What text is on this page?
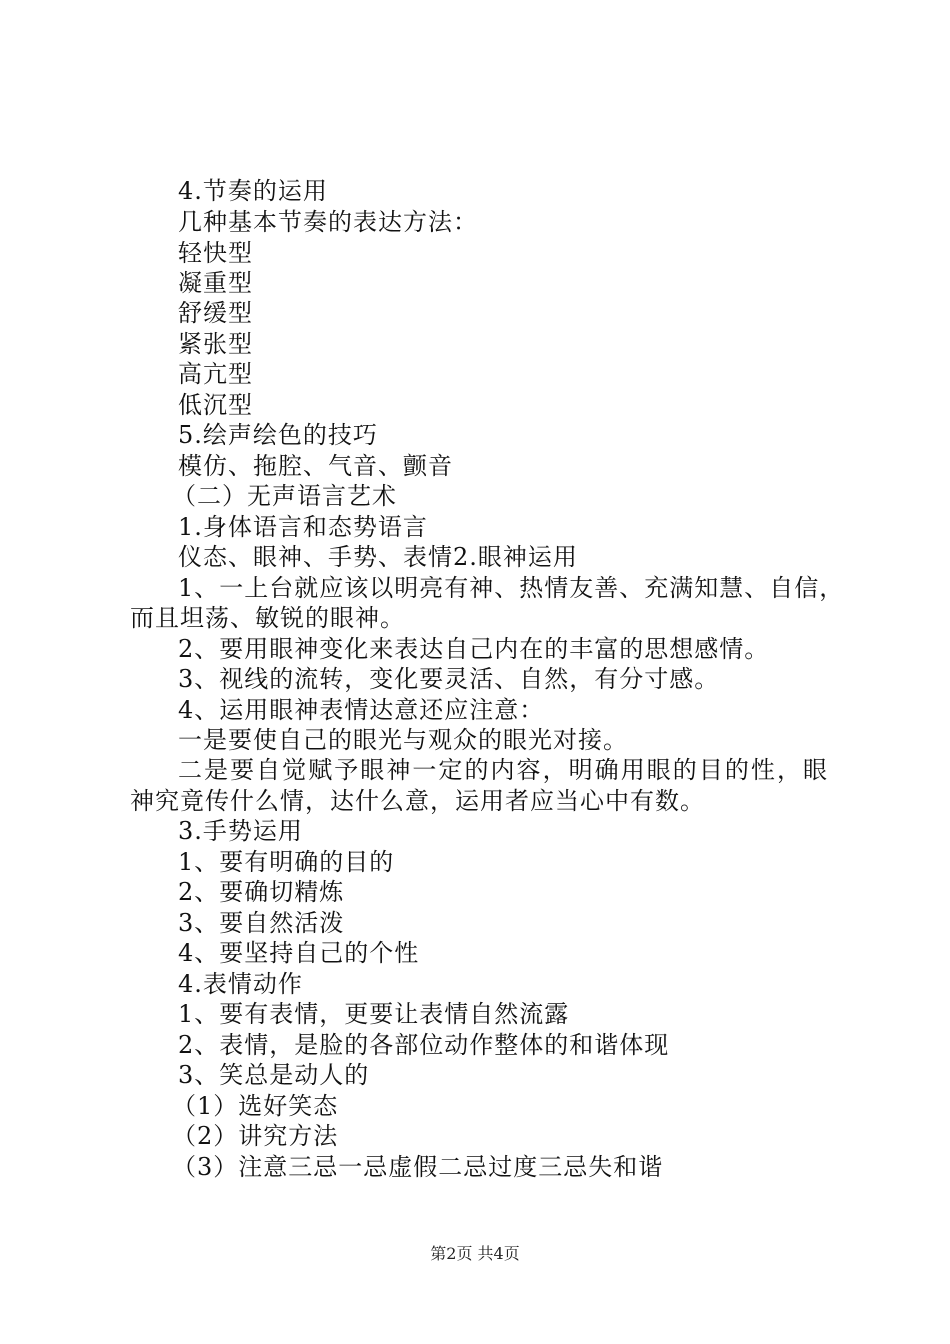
4.节奏的运用
几种基本节奏的表达方法：
轻快型
凝重型
舒缓型
紧张型
高亢型
低沉型
5.绘声绘色的技巧
模仿、拖腔、气音、颤音
（二）无声语言艺术
1.身体语言和态势语言
仪态、眼神、手势、表情2.眼神运用
1、一上台就应该以明亮有神、热情友善、充满知慧、自信，
而且坦荡、敏锐的眼神。
2、要用眼神变化来表达自己内在的丰富的思想感情。
3、视线的流转，变化要灵活、自然，有分寸感。
4、运用眼神表情达意还应注意：
一是要使自己的眼光与观众的眼光对接。
二是要自觉赋予眼神一定的内容，明确用眼的目的性，眼
神究竟传什么情，达什么意，运用者应当心中有数。
3.手势运用
1、要有明确的目的
2、要确切精炼
3、要自然活泼
4、要坚持自己的个性
4.表情动作
1、要有表情，更要让表情自然流露
2、表情，是脸的各部位动作整体的和谐体现
3、笑总是动人的
（1）选好笑态
（2）讲究方法
（3）注意三忌一忌虚假二忌过度三忌失和谐
第2页 共4页
